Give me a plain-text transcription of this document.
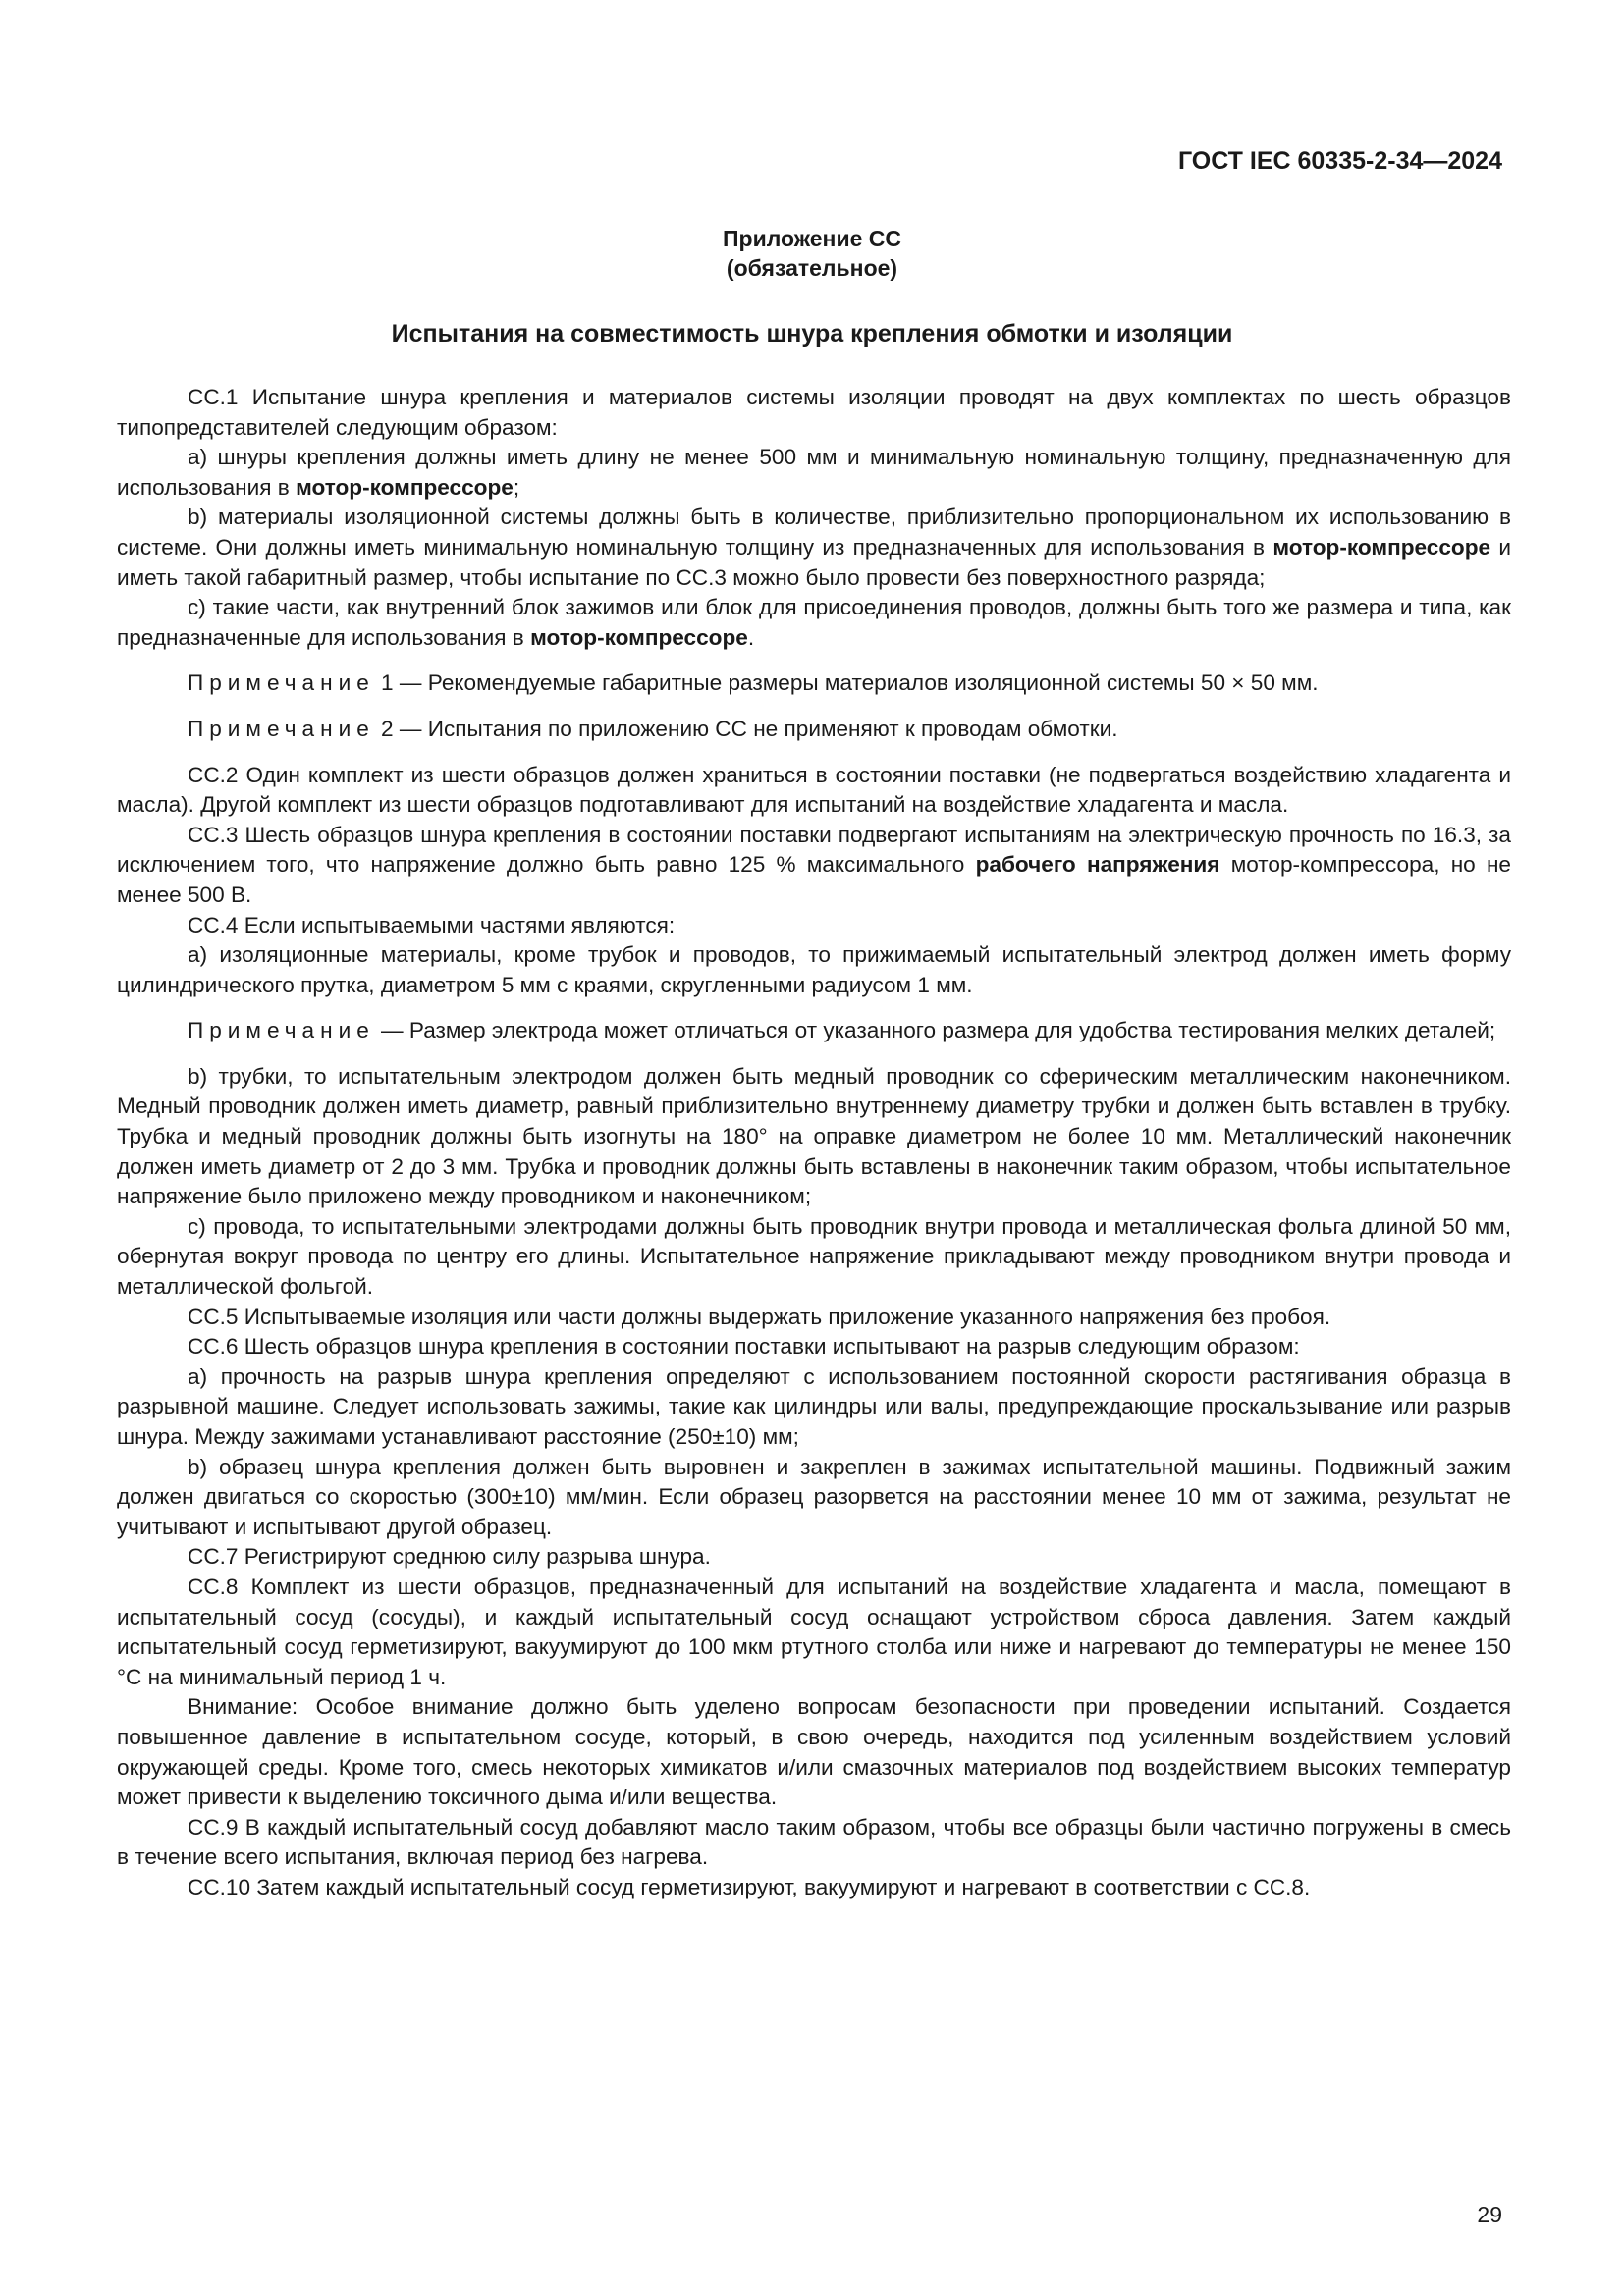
ГОСТ IEC 60335-2-34—2024
Приложение СС
(обязательное)
Испытания на совместимость шнура крепления обмотки и изоляции

СС.1 Испытание шнура крепления и материалов системы изоляции проводят на двух комплектах по шесть образцов типопредставителей следующим образом:

a) шнуры крепления должны иметь длину не менее 500 мм и минимальную номинальную толщину, предназначенную для использования в мотор-компрессоре;

b) материалы изоляционной системы должны быть в количестве, приблизительно пропорциональном их использованию в системе. Они должны иметь минимальную номинальную толщину из предназначенных для использования в мотор-компрессоре и иметь такой габаритный размер, чтобы испытание по СС.3 можно было провести без поверхностного разряда;

c) такие части, как внутренний блок зажимов или блок для присоединения проводов, должны быть того же размера и типа, как предназначенные для использования в мотор-компрессоре.

Примечание 1 — Рекомендуемые габаритные размеры материалов изоляционной системы 50 × 50 мм.

Примечание 2 — Испытания по приложению СС не применяют к проводам обмотки.

СС.2 Один комплект из шести образцов должен храниться в состоянии поставки (не подвергаться воздействию хладагента и масла). Другой комплект из шести образцов подготавливают для испытаний на воздействие хладагента и масла.

СС.3 Шесть образцов шнура крепления в состоянии поставки подвергают испытаниям на электрическую прочность по 16.3, за исключением того, что напряжение должно быть равно 125 % максимального рабочего напряжения мотор-компрессора, но не менее 500 В.

СС.4 Если испытываемыми частями являются:

a) изоляционные материалы, кроме трубок и проводов, то прижимаемый испытательный электрод должен иметь форму цилиндрического прутка, диаметром 5 мм с краями, скругленными радиусом 1 мм.

Примечание — Размер электрода может отличаться от указанного размера для удобства тестирования мелких деталей;

b) трубки, то испытательным электродом должен быть медный проводник со сферическим металлическим наконечником. Медный проводник должен иметь диаметр, равный приблизительно внутреннему диаметру трубки и должен быть вставлен в трубку. Трубка и медный проводник должны быть изогнуты на 180° на оправке диаметром не более 10 мм. Металлический наконечник должен иметь диаметр от 2 до 3 мм. Трубка и проводник должны быть вставлены в наконечник таким образом, чтобы испытательное напряжение было приложено между проводником и наконечником;

c) провода, то испытательными электродами должны быть проводник внутри провода и металлическая фольга длиной 50 мм, обернутая вокруг провода по центру его длины. Испытательное напряжение прикладывают между проводником внутри провода и металлической фольгой.

СС.5 Испытываемые изоляция или части должны выдержать приложение указанного напряжения без пробоя.

СС.6 Шесть образцов шнура крепления в состоянии поставки испытывают на разрыв следующим образом:

a) прочность на разрыв шнура крепления определяют с использованием постоянной скорости растягивания образца в разрывной машине. Следует использовать зажимы, такие как цилиндры или валы, предупреждающие проскальзывание или разрыв шнура. Между зажимами устанавливают расстояние (250±10) мм;

b) образец шнура крепления должен быть выровнен и закреплен в зажимах испытательной машины. Подвижный зажим должен двигаться со скоростью (300±10) мм/мин. Если образец разорвется на расстоянии менее 10 мм от зажима, результат не учитывают и испытывают другой образец.

СС.7 Регистрируют среднюю силу разрыва шнура.

СС.8 Комплект из шести образцов, предназначенный для испытаний на воздействие хладагента и масла, помещают в испытательный сосуд (сосуды), и каждый испытательный сосуд оснащают устройством сброса давления. Затем каждый испытательный сосуд герметизируют, вакуумируют до 100 мкм ртутного столба или ниже и нагревают до температуры не менее 150 °С на минимальный период 1 ч.

Внимание: Особое внимание должно быть уделено вопросам безопасности при проведении испытаний. Создается повышенное давление в испытательном сосуде, который, в свою очередь, находится под усиленным воздействием условий окружающей среды. Кроме того, смесь некоторых химикатов и/или смазочных материалов под воздействием высоких температур может привести к выделению токсичного дыма и/или вещества.

СС.9 В каждый испытательный сосуд добавляют масло таким образом, чтобы все образцы были частично погружены в смесь в течение всего испытания, включая период без нагрева.

СС.10 Затем каждый испытательный сосуд герметизируют, вакуумируют и нагревают в соответствии с СС.8.

29
